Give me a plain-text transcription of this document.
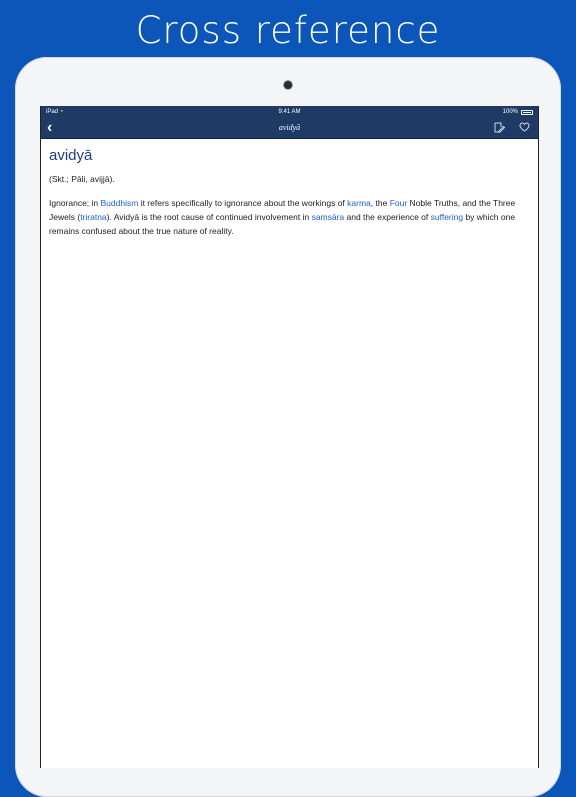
Cross reference
iPad ◔	9:41 AM	100%
‹	avidyā
avidyā

(Skt.; Pāli, avijjā).

Ignorance; in Buddhism it refers specifically to ignorance about the workings of karma, the Four Noble Truths, and the Three Jewels (triratna). Avidyā is the root cause of continued involvement in saṃsāra and the experience of suffering by which one remains confused about the true nature of reality.
